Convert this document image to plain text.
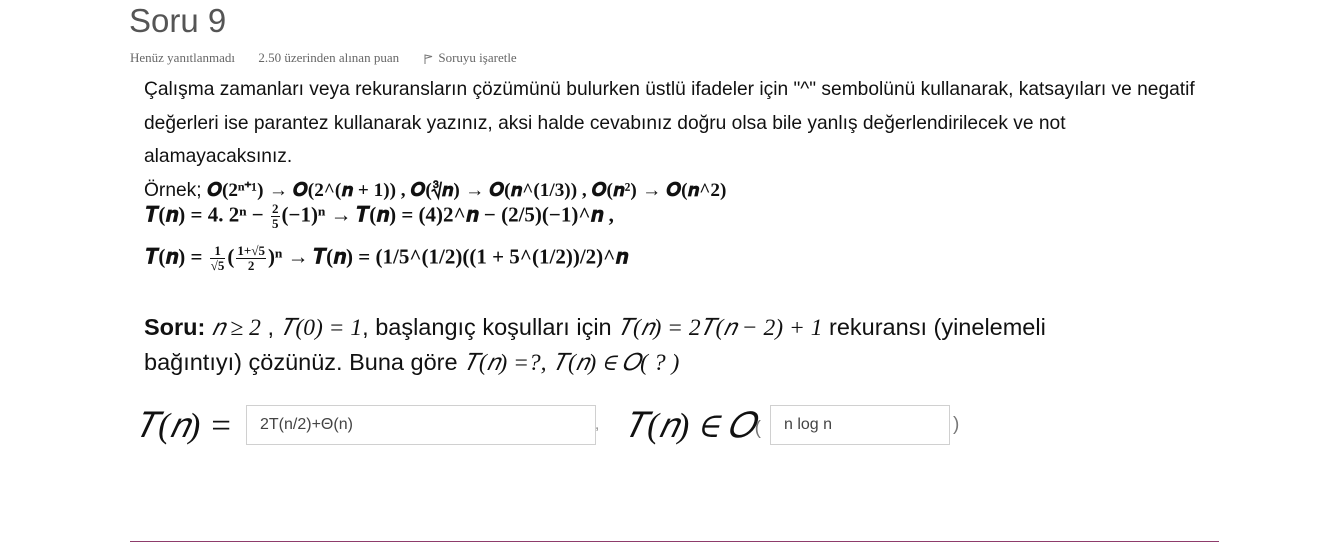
Soru 9
Henüz yanıtlanmadı 2.50 üzerinden alınan puan	Soruyu işaretle

Çalışma zamanları veya rekuransların çözümünü bulurken üstlü ifadeler için "^" sembolünü kullanarak, katsayıları ve negatif değerleri ise parantez kullanarak yazınız, aksi halde cevabınız doğru olsa bile yanlış değerlendirilecek ve not alamayacaksınız.

Örnek; 𝑶(2ⁿ⁺¹) → 𝑶(2^(𝒏 + 1)) , 𝑶(∛𝒏) → 𝑶(𝒏^(1/3)) , 𝑶(𝒏²) → 𝑶(𝒏^2)

𝑻(𝒏) = 4. $2^n - \frac{2}{5} (-1)^n$ → 𝑻(𝒏) = (4)2^𝒏 − (2/5)(−1)^𝒏 ,
𝑻(𝒏) = $\frac{1}{√5}$ ( $\frac{1+√5}{2} )^n$ → 𝑻(𝒏) = (1/5^(1/2)((1 + 5^(1/2))/2)^𝒏
Soru: 𝑛 ≥ 2 , 𝑇(0) = 1, başlangıç koşulları için 𝑇(𝑛) = 2𝑇(𝑛 − 2) + 1 rekuransı (yinelemeli
bağıntıyı) çözünüz. Buna göre 𝑇(𝑛) =?, 𝑇(𝑛) ∈ 𝑂( ? )
𝑇(𝑛) =
2T(n/2)+Θ(n)	, 𝑇(𝑛) ∈ 𝑂(
n log n	)
